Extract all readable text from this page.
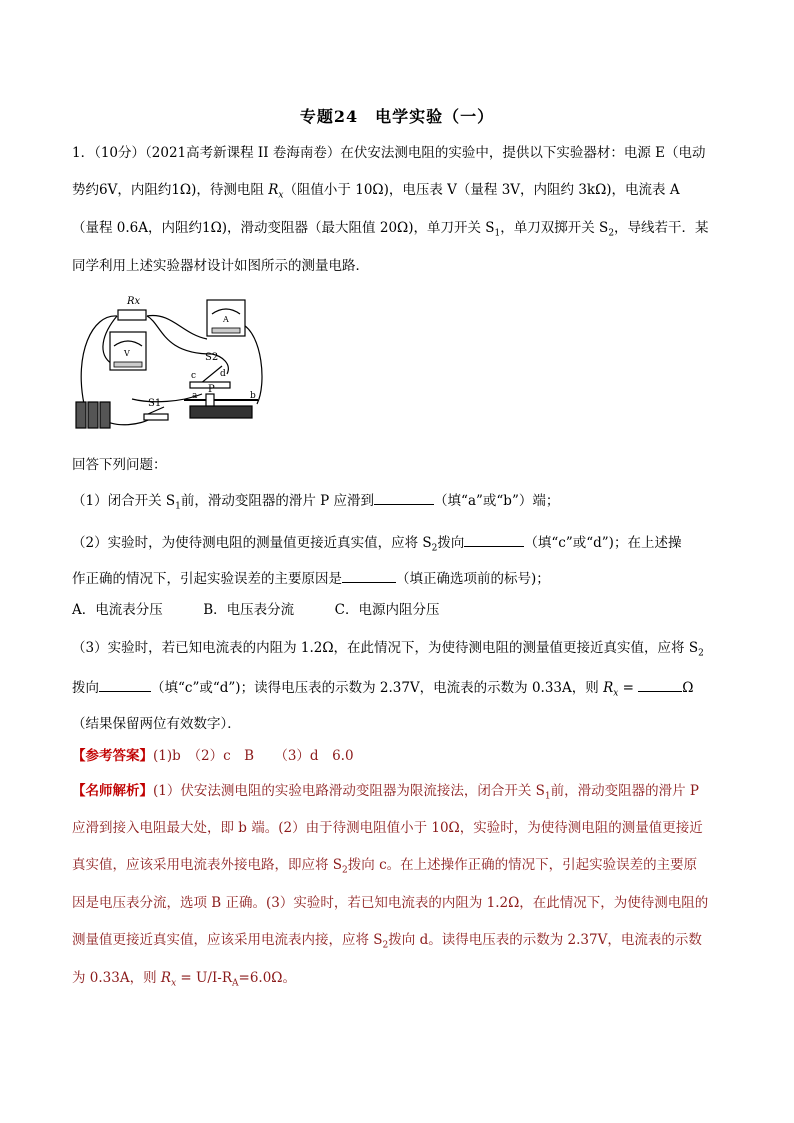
专题24　电学实验（一）
1．（10分）（2021高考新课程 II 卷海南卷）在伏安法测电阻的实验中，提供以下实验器材：电源 E（电动
势约6V，内阻约1Ω)，待测电阻 $R_x$（阻值小于 10Ω)，电压表 V（量程 3V，内阻约 3kΩ)，电流表 A
（量程 0.6A，内阻约1Ω)，滑动变阻器（最大阻值 20Ω)，单刀开关 $S_1$，单刀双掷开关 $S_2$，导线若干．某
同学利用上述实验器材设计如图所示的测量电路．
Rx
A
V	S2
c	d
S1
a
P
b
回答下列问题：
（1）闭合开关 $S_1$前，滑动变阻器的滑片 P 应滑到	（填“a”或“b”）端；
（2）实验时，为使待测电阻的测量值更接近真实值，应将 $S_2$拨向	（填“c”或“d”)；在上述操
作正确的情况下，引起实验误差的主要原因是	（填正确选项前的标号)；
A．电流表分压　　　B．电压表分流　　　C．电源内阻分压
（3）实验时，若已知电流表的内阻为 1.2Ω，在此情况下，为使待测电阻的测量值更接近真实值，应将 $S_2$
拨向	（填“c”或“d”)；读得电压表的示数为 2.37V，电流表的示数为 0.33A，则 $R_x$ =	Ω
（结果保留两位有效数字）．
【参考答案】(1)b　（2）c　B　　（3）d　6.0
【名师解析】(1）伏安法测电阻的实验电路滑动变阻器为限流接法，闭合开关 $S_1$前，滑动变阻器的滑片 P
应滑到接入电阻最大处，即 b 端。(2）由于待测电阻值小于 10Ω，实验时，为使待测电阻的测量值更接近
真实值，应该采用电流表外接电路，即应将 $S_2$拨向 c。在上述操作正确的情况下，引起实验误差的主要原
因是电压表分流，选项 B 正确。(3）实验时，若已知电流表的内阻为 1.2Ω，在此情况下，为使待测电阻的
测量值更接近真实值，应该采用电流表内接，应将 $S_2$拨向 d。读得电压表的示数为 2.37V，电流表的示数
为 0.33A，则 $R_x = U/I-R_A=6.0\Omega$。
